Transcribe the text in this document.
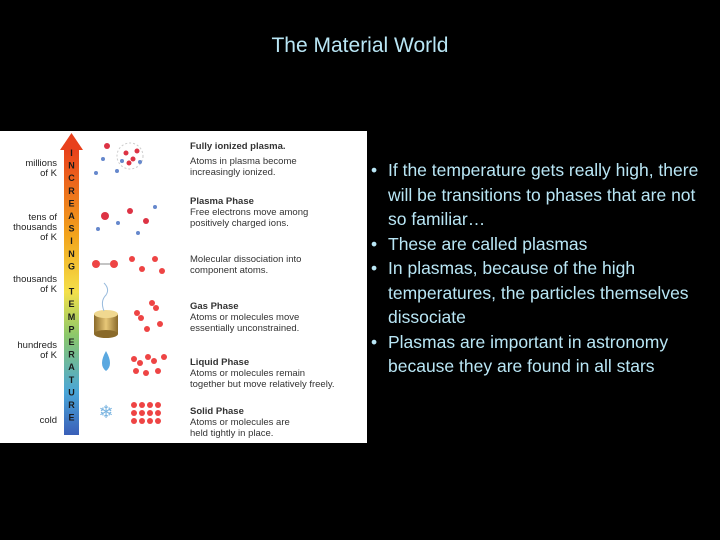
The Material World
I
N
C
R
E
A
S
I
N
G
T
E
M
P
E
R
A
T
U
R
E
millions of K
tens of thousands of K
thousands of K
hundreds of K
cold ❄
Fully ionized plasma. Atoms in plasma become increasingly ionized.
Plasma Phase Free electrons move among positively charged ions.
Molecular dissociation into component atoms.
Gas Phase Atoms or molecules move essentially unconstrained.
Liquid Phase Atoms or molecules remain together but move relatively freely.
Solid Phase Atoms or molecules are held tightly in place.
• If the temperature gets really high, there will be transitions to phases that are not so familiar…
• These are called plasmas
• In plasmas, because of the high temperatures, the particles themselves dissociate
• Plasmas are important in astronomy because they are found in all stars
